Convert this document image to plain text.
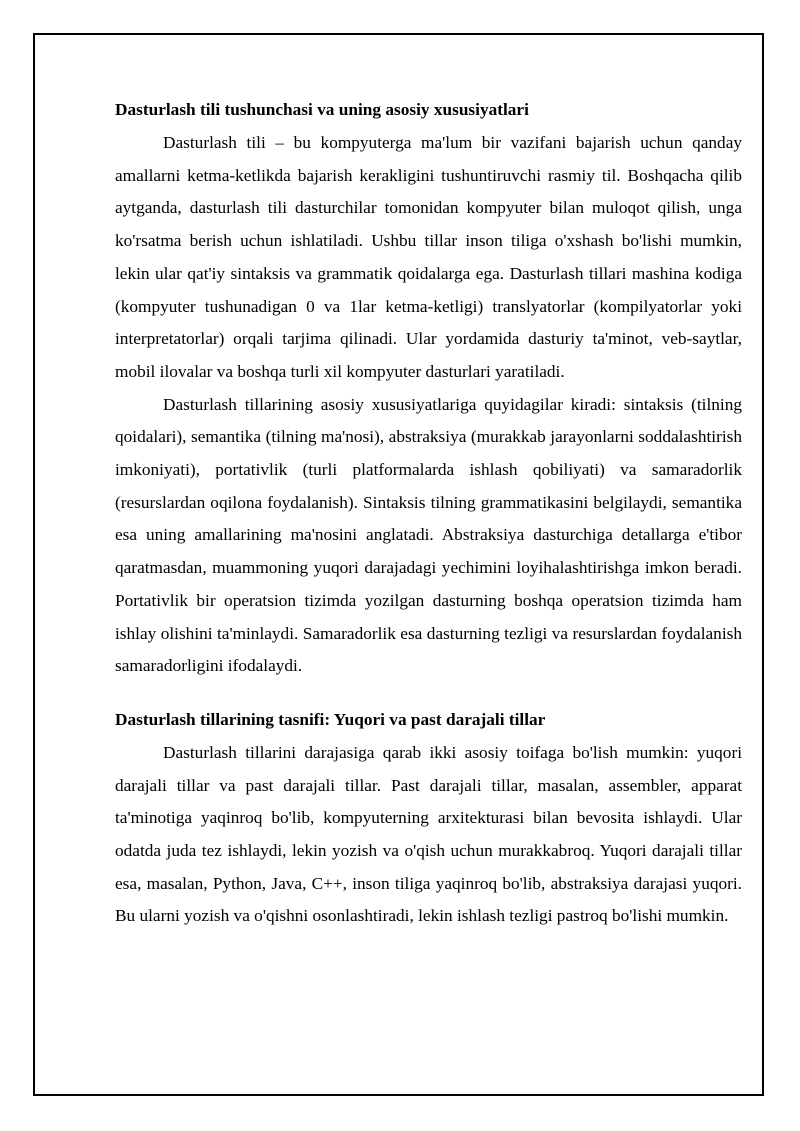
Dasturlash tili tushunchasi va uning asosiy xususiyatlari

Dasturlash tili – bu kompyuterga ma'lum bir vazifani bajarish uchun qanday amallarni ketma-ketlikda bajarish kerakligini tushuntiruvchi rasmiy til. Boshqacha qilib aytganda, dasturlash tili dasturchilar tomonidan kompyuter bilan muloqot qilish, unga ko'rsatma berish uchun ishlatiladi. Ushbu tillar inson tiliga o'xshash bo'lishi mumkin, lekin ular qat'iy sintaksis va grammatik qoidalarga ega. Dasturlash tillari mashina kodiga (kompyuter tushunadigan 0 va 1lar ketma-ketligi) translyatorlar (kompilyatorlar yoki interpretatorlar) orqali tarjima qilinadi. Ular yordamida dasturiy ta'minot, veb-saytlar, mobil ilovalar va boshqa turli xil kompyuter dasturlari yaratiladi.

Dasturlash tillarining asosiy xususiyatlariga quyidagilar kiradi: sintaksis (tilning qoidalari), semantika (tilning ma'nosi), abstraksiya (murakkab jarayonlarni soddalashtirish imkoniyati), portativlik (turli platformalarda ishlash qobiliyati) va samaradorlik (resurslardan oqilona foydalanish). Sintaksis tilning grammatikasini belgilaydi, semantika esa uning amallarining ma'nosini anglatadi. Abstraksiya dasturchiga detallarga e'tibor qaratmasdan, muammoning yuqori darajadagi yechimini loyihalashtirishga imkon beradi. Portativlik bir operatsion tizimda yozilgan dasturning boshqa operatsion tizimda ham ishlay olishini ta'minlaydi. Samaradorlik esa dasturning tezligi va resurslardan foydalanish samaradorligini ifodalaydi.

Dasturlash tillarining tasnifi: Yuqori va past darajali tillar

Dasturlash tillarini darajasiga qarab ikki asosiy toifaga bo'lish mumkin: yuqori darajali tillar va past darajali tillar. Past darajali tillar, masalan, assembler, apparat ta'minotiga yaqinroq bo'lib, kompyuterning arxitekturasi bilan bevosita ishlaydi. Ular odatda juda tez ishlaydi, lekin yozish va o'qish uchun murakkabroq. Yuqori darajali tillar esa, masalan, Python, Java, C++, inson tiliga yaqinroq bo'lib, abstraksiya darajasi yuqori. Bu ularni yozish va o'qishni osonlashtiradi, lekin ishlash tezligi pastroq bo'lishi mumkin.
